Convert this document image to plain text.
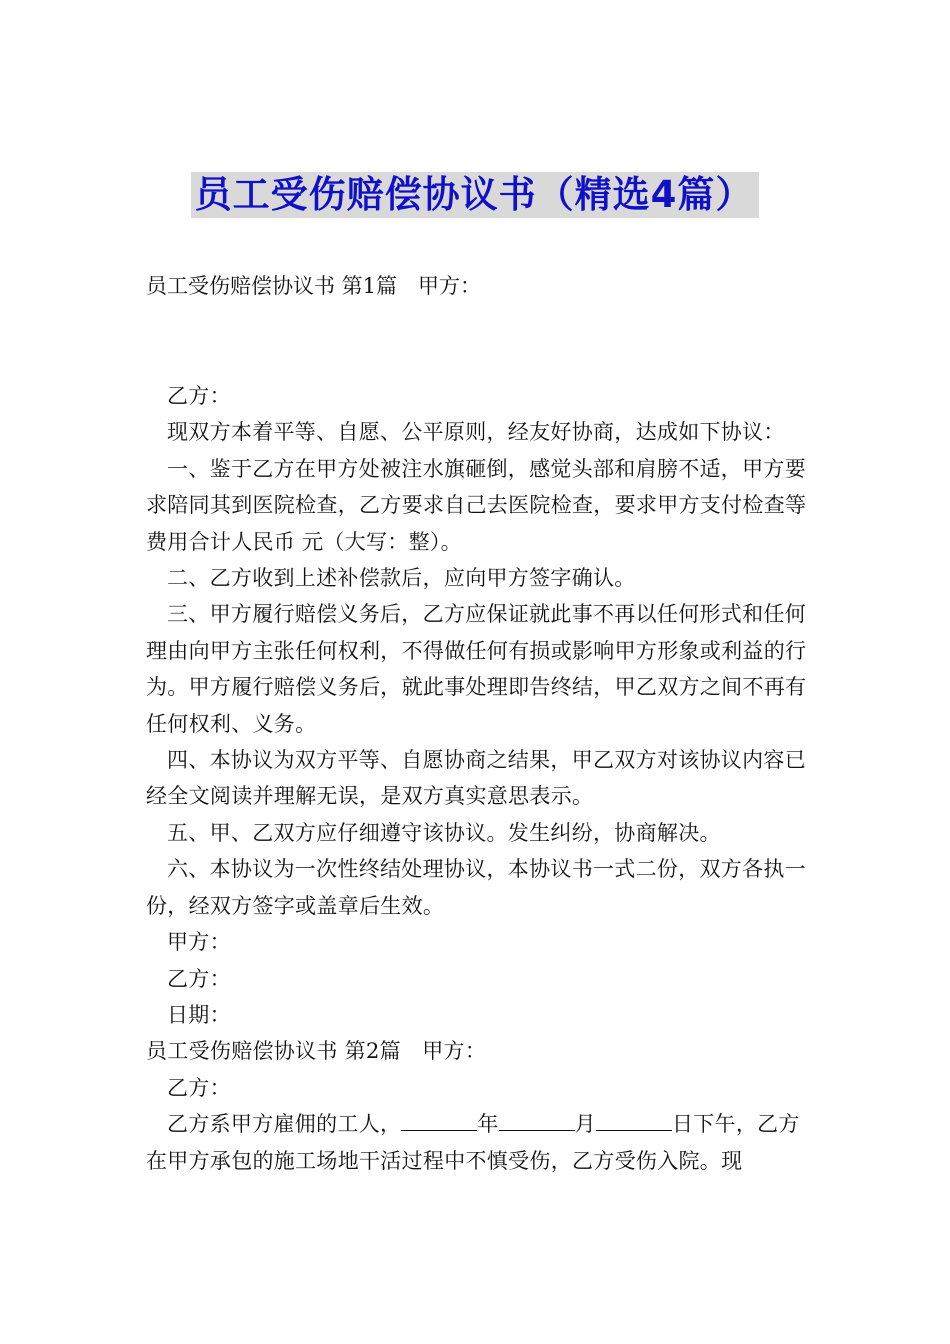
员工受伤赔偿协议书（精选4篇）
员工受伤赔偿协议书 第1篇　甲方：

乙方：

现双方本着平等、自愿、公平原则，经友好协商，达成如下协议：

一、鉴于乙方在甲方处被注水旗砸倒，感觉头部和肩膀不适，甲方要求陪同其到医院检查，乙方要求自己去医院检查，要求甲方支付检查等费用合计人民币 元（大写：整）。

二、乙方收到上述补偿款后，应向甲方签字确认。

三、甲方履行赔偿义务后，乙方应保证就此事不再以任何形式和任何理由向甲方主张任何权利，不得做任何有损或影响甲方形象或利益的行为。甲方履行赔偿义务后，就此事处理即告终结，甲乙双方之间不再有任何权利、义务。

四、本协议为双方平等、自愿协商之结果，甲乙双方对该协议内容已经全文阅读并理解无误，是双方真实意思表示。

五、甲、乙双方应仔细遵守该协议。发生纠纷，协商解决。

六、本协议为一次性终结处理协议，本协议书一式二份，双方各执一份，经双方签字或盖章后生效。

甲方：

乙方：

日期：

员工受伤赔偿协议书 第2篇　甲方：

乙方：

乙方系甲方雇佣的工人，	年	月	日下午，乙方在甲方承包的施工场地干活过程中不慎受伤，乙方受伤入院。现
